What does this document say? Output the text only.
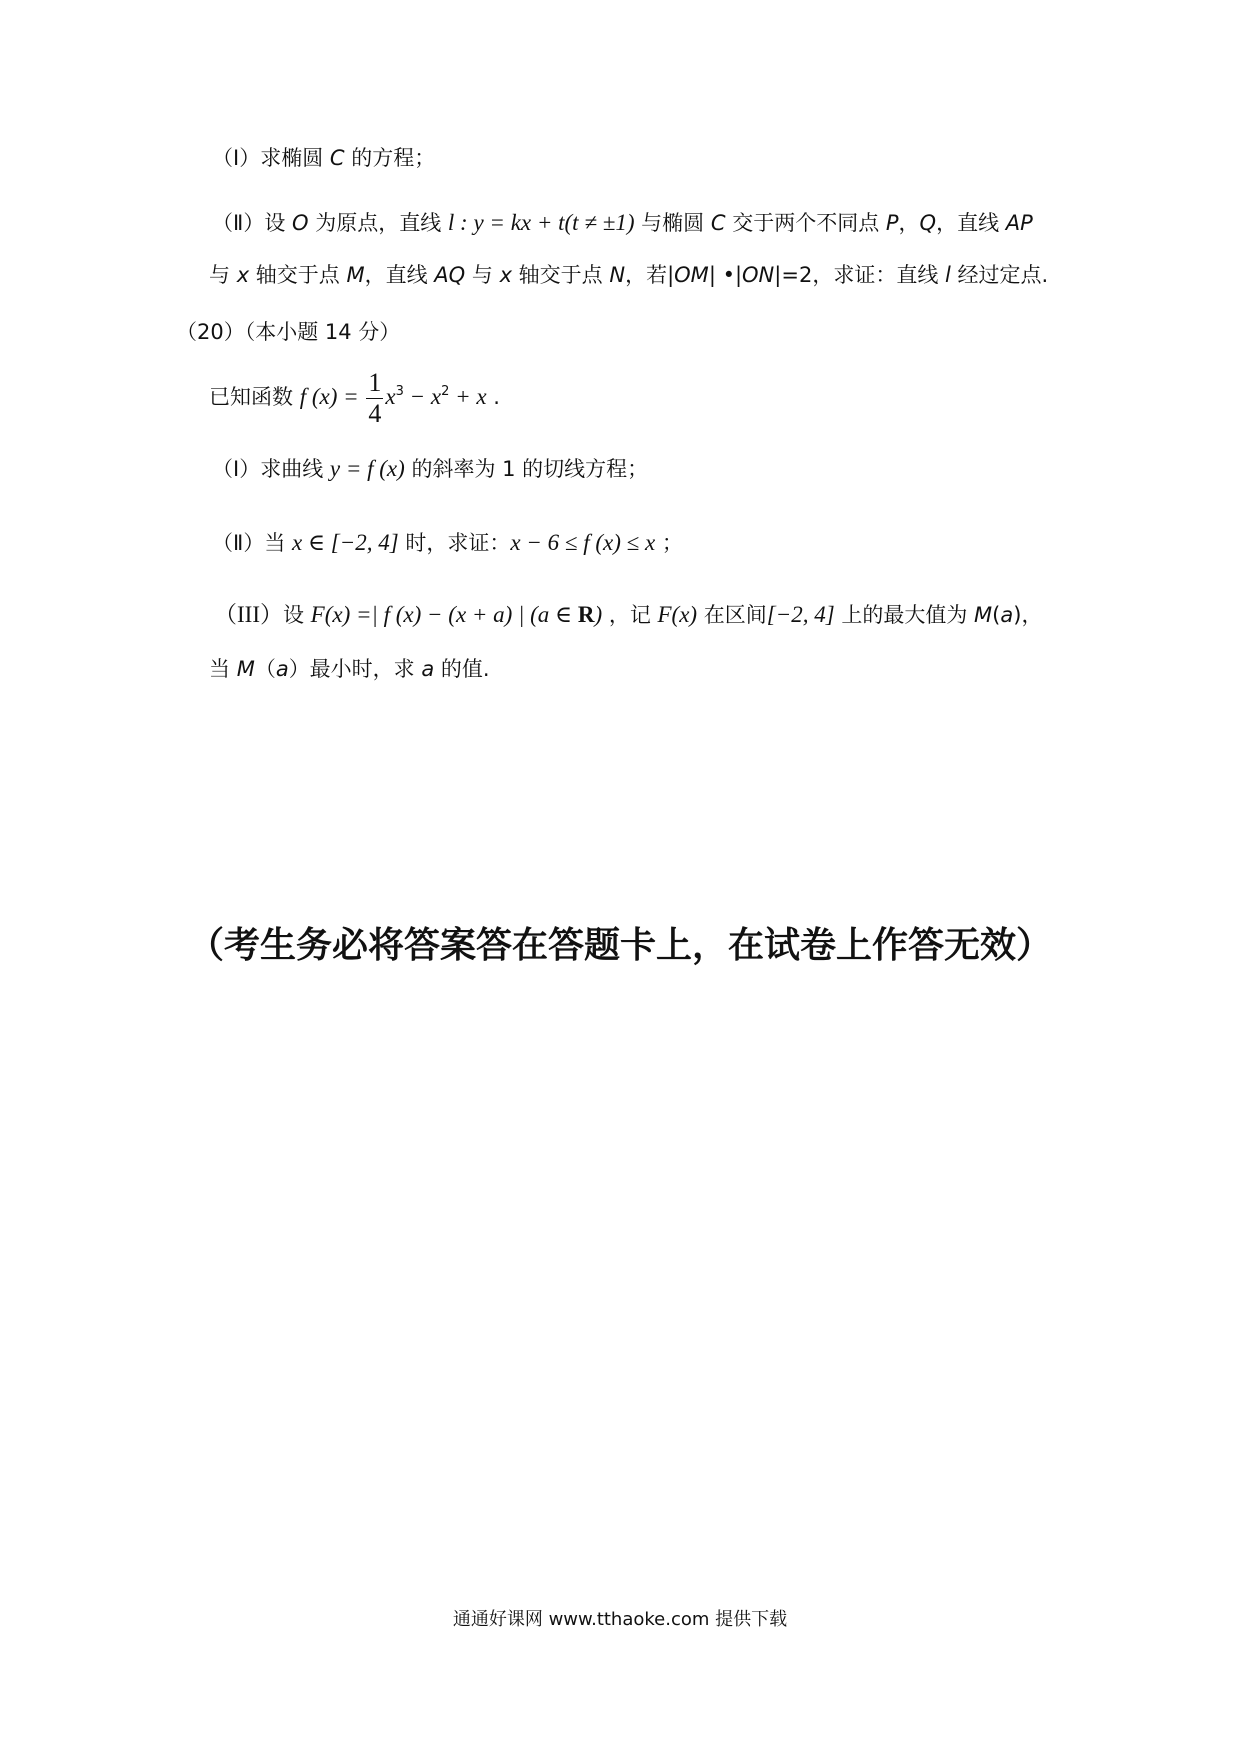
（Ⅰ）求椭圆 C 的方程；
（Ⅱ）设 O 为原点，直线 l : y = kx + t(t ≠ ±1) 与椭圆 C 交于两个不同点 P，Q，直线 AP
与 x 轴交于点 M，直线 AQ 与 x 轴交于点 N，若|OM| •|ON|=2，求证：直线 l 经过定点.
（20）（本小题 14 分）
已知函数 f $(x) = \frac{1}{4} x^3 - x^2 + x$ .
（Ⅰ）求曲线 y = f (x) 的斜率为 1 的切线方程；
（Ⅱ）当 x ∈ [−2, 4] 时，求证：x − 6 ≤ f (x) ≤ x ；
（III）设 F(x) =| f (x) − (x + a) | (a ∈ R) ，记 F(x) 在区间[−2, 4] 上的最大值为 M(a)，
当 M（a）最小时，求 a 的值.
（考生务必将答案答在答题卡上，在试卷上作答无效）
通通好课网 www.tthaoke.com 提供下载
